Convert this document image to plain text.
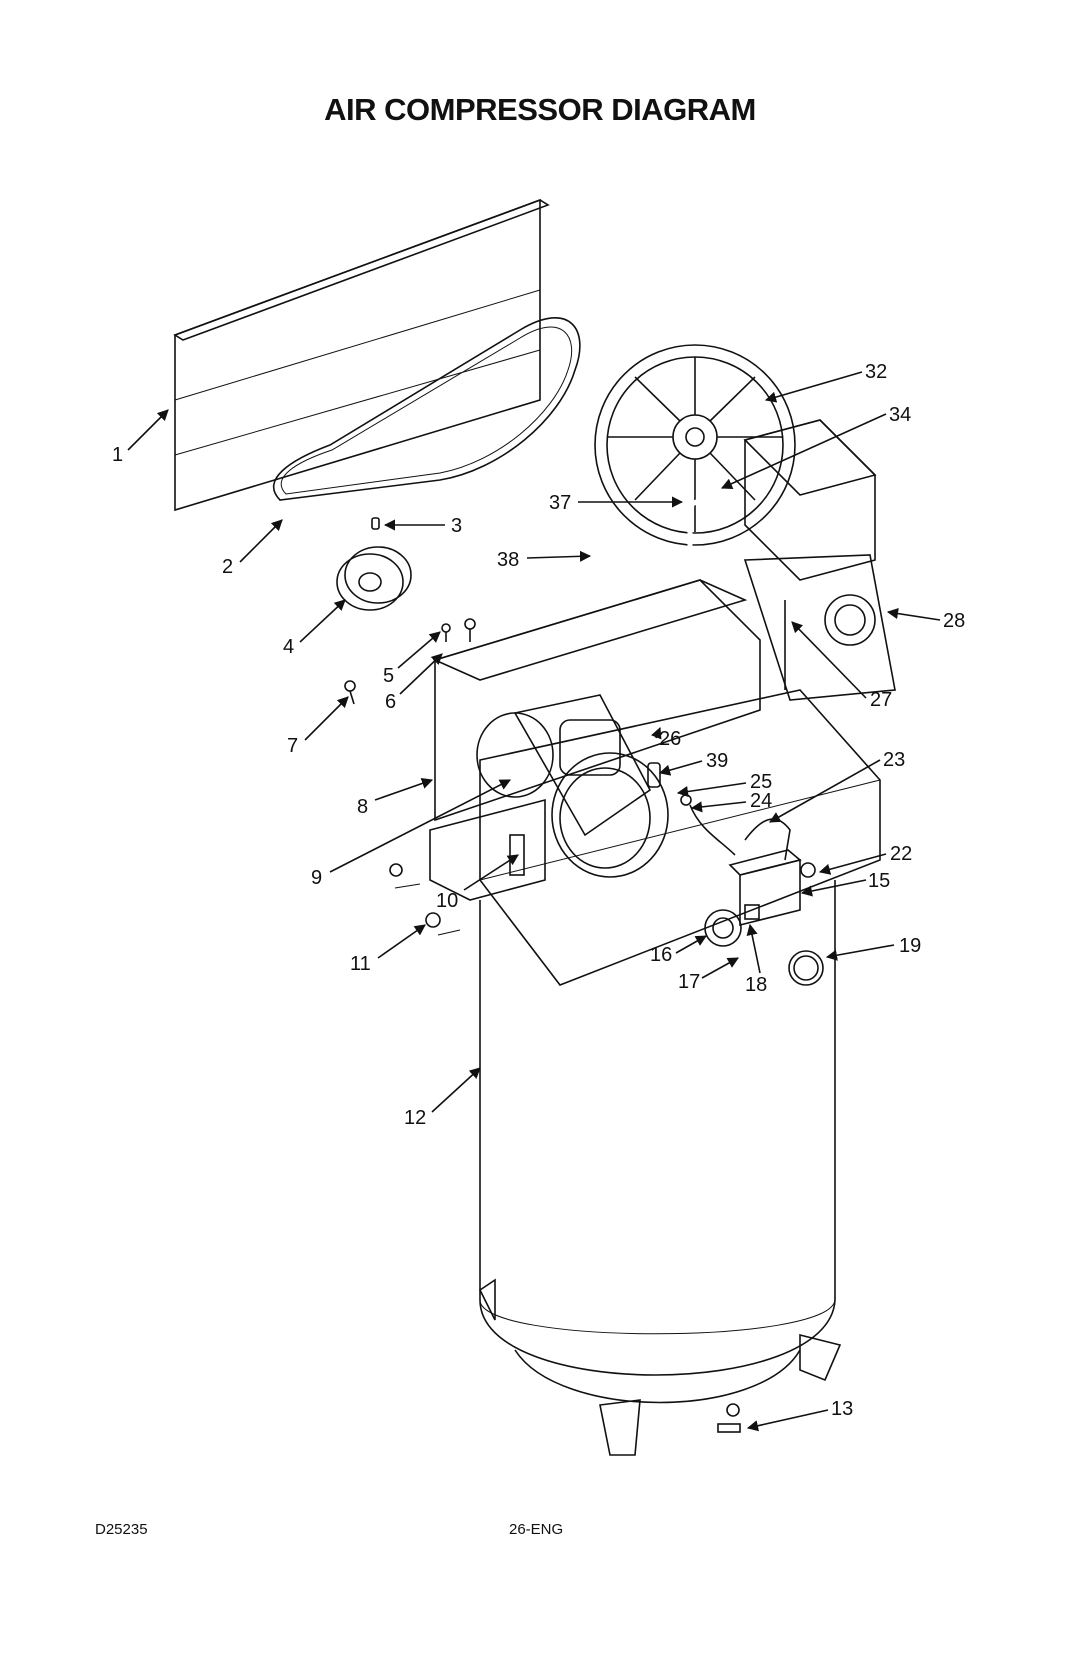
AIR COMPRESSOR DIAGRAM
1
2
3
4
5
6
7
8
9
10
11
12
13
15
16
17 18
19
22
23
24
25
26
27
28
32
34
37
38
39
D25235	26-ENG
